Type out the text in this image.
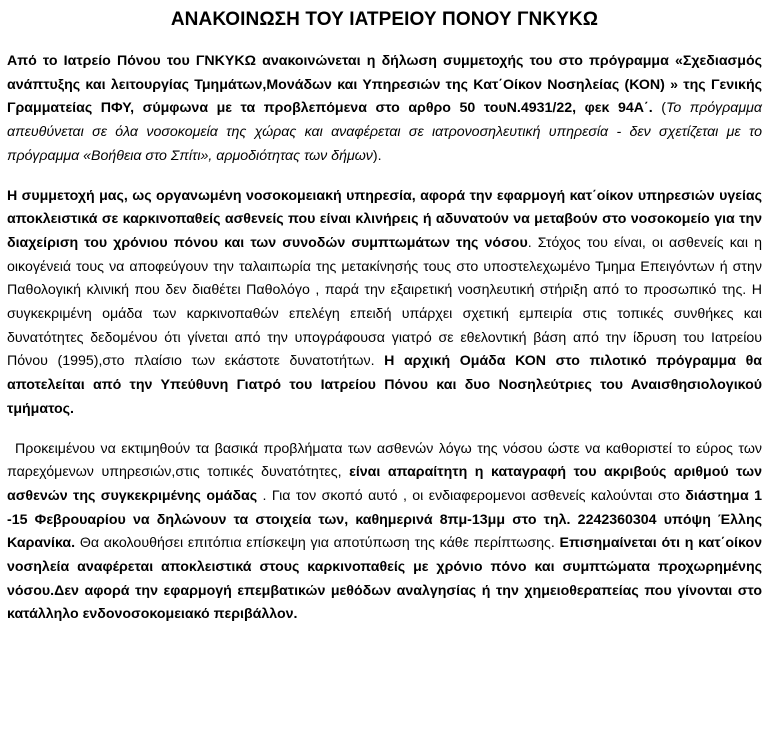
ΑΝΑΚΟΙΝΩΣΗ ΤΟΥ ΙΑΤΡΕΙΟΥ ΠΟΝΟΥ ΓΝΚΥΚΩ

Από το Ιατρείο Πόνου του ΓΝΚΥΚΩ ανακοινώνεται η δήλωση συμμετοχής του στο πρόγραμμα «Σχεδιασμός ανάπτυξης και λειτουργίας Τμημάτων,Μονάδων και Υπηρεσιών της Κατ΄Οίκον Νοσηλείας (ΚΟΝ) » της Γενικής Γραμματείας ΠΦΥ, σύμφωνα με τα προβλεπόμενα στο αρθρο 50 τουΝ.4931/22, φεκ 94Α΄. (Το πρόγραμμα απευθύνεται σε όλα νοσοκομεία της χώρας και αναφέρεται σε ιατρονοσηλευτική υπηρεσία - δεν σχετίζεται με το πρόγραμμα «Βοήθεια στο Σπίτι», αρμοδιότητας των δήμων).

Η συμμετοχή μας, ως οργανωμένη νοσοκομειακή υπηρεσία, αφορά την εφαρμογή κατ΄οίκον υπηρεσιών υγείας αποκλειστικά σε καρκινοπαθείς ασθενείς που είναι κλινήρεις ή αδυνατούν να μεταβούν στο νοσοκομείο για την διαχείριση του χρόνιου πόνου και των συνοδών συμπτωμάτων της νόσου. Στόχος του είναι, οι ασθενείς και η οικογένειά τους να αποφεύγουν την ταλαιπωρία της μετακίνησής τους στο υποστελεχωμένο Τμημα Επειγόντων ή στην Παθολογική κλινική που δεν διαθέτει Παθολόγο , παρά την εξαιρετική νοσηλευτική στήριξη από το προσωπικό της. Η συγκεκριμένη ομάδα των καρκινοπαθών επελέγη επειδή υπάρχει σχετική εμπειρία στις τοπικές συνθήκες και δυνατότητες δεδομένου ότι γίνεται από την υπογράφουσα γιατρό σε εθελοντική βάση από την ίδρυση του Ιατρείου Πόνου (1995),στο πλαίσιο των εκάστοτε δυνατοτήτων. Η αρχική Ομάδα ΚΟΝ στο πιλοτικό πρόγραμμα θα αποτελείται από την Υπεύθυνη Γιατρό του Ιατρείου Πόνου και δυο Νοσηλεύτριες του Αναισθησιολογικού τμήματος.

Προκειμένου να εκτιμηθούν τα βασικά προβλήματα των ασθενών λόγω της νόσου ώστε να καθοριστεί το εύρος των παρεχόμενων υπηρεσιών,στις τοπικές δυνατότητες, είναι απαραίτητη η καταγραφή του ακριβούς αριθμού των ασθενών της συγκεκριμένης ομάδας . Για τον σκοπό αυτό , οι ενδιαφερομενοι ασθενείς καλούνται στο διάστημα 1 -15 Φεβρουαρίου να δηλώνουν τα στοιχεία των, καθημερινά 8πμ-13μμ στο τηλ. 2242360304 υπόψη Έλλης Καρανίκα. Θα ακολουθήσει επιτόπια επίσκεψη για αποτύπωση της κάθε περίπτωσης. Επισημαίνεται ότι η κατ΄οίκον νοσηλεία αναφέρεται αποκλειστικά στους καρκινοπαθείς με χρόνιο πόνο και συμπτώματα προχωρημένης νόσου.Δεν αφορά την εφαρμογή επεμβατικών μεθόδων αναλγησίας ή την χημειοθεραπείας που γίνονται στο κατάλληλο ενδονοσοκομειακό περιβάλλον.
